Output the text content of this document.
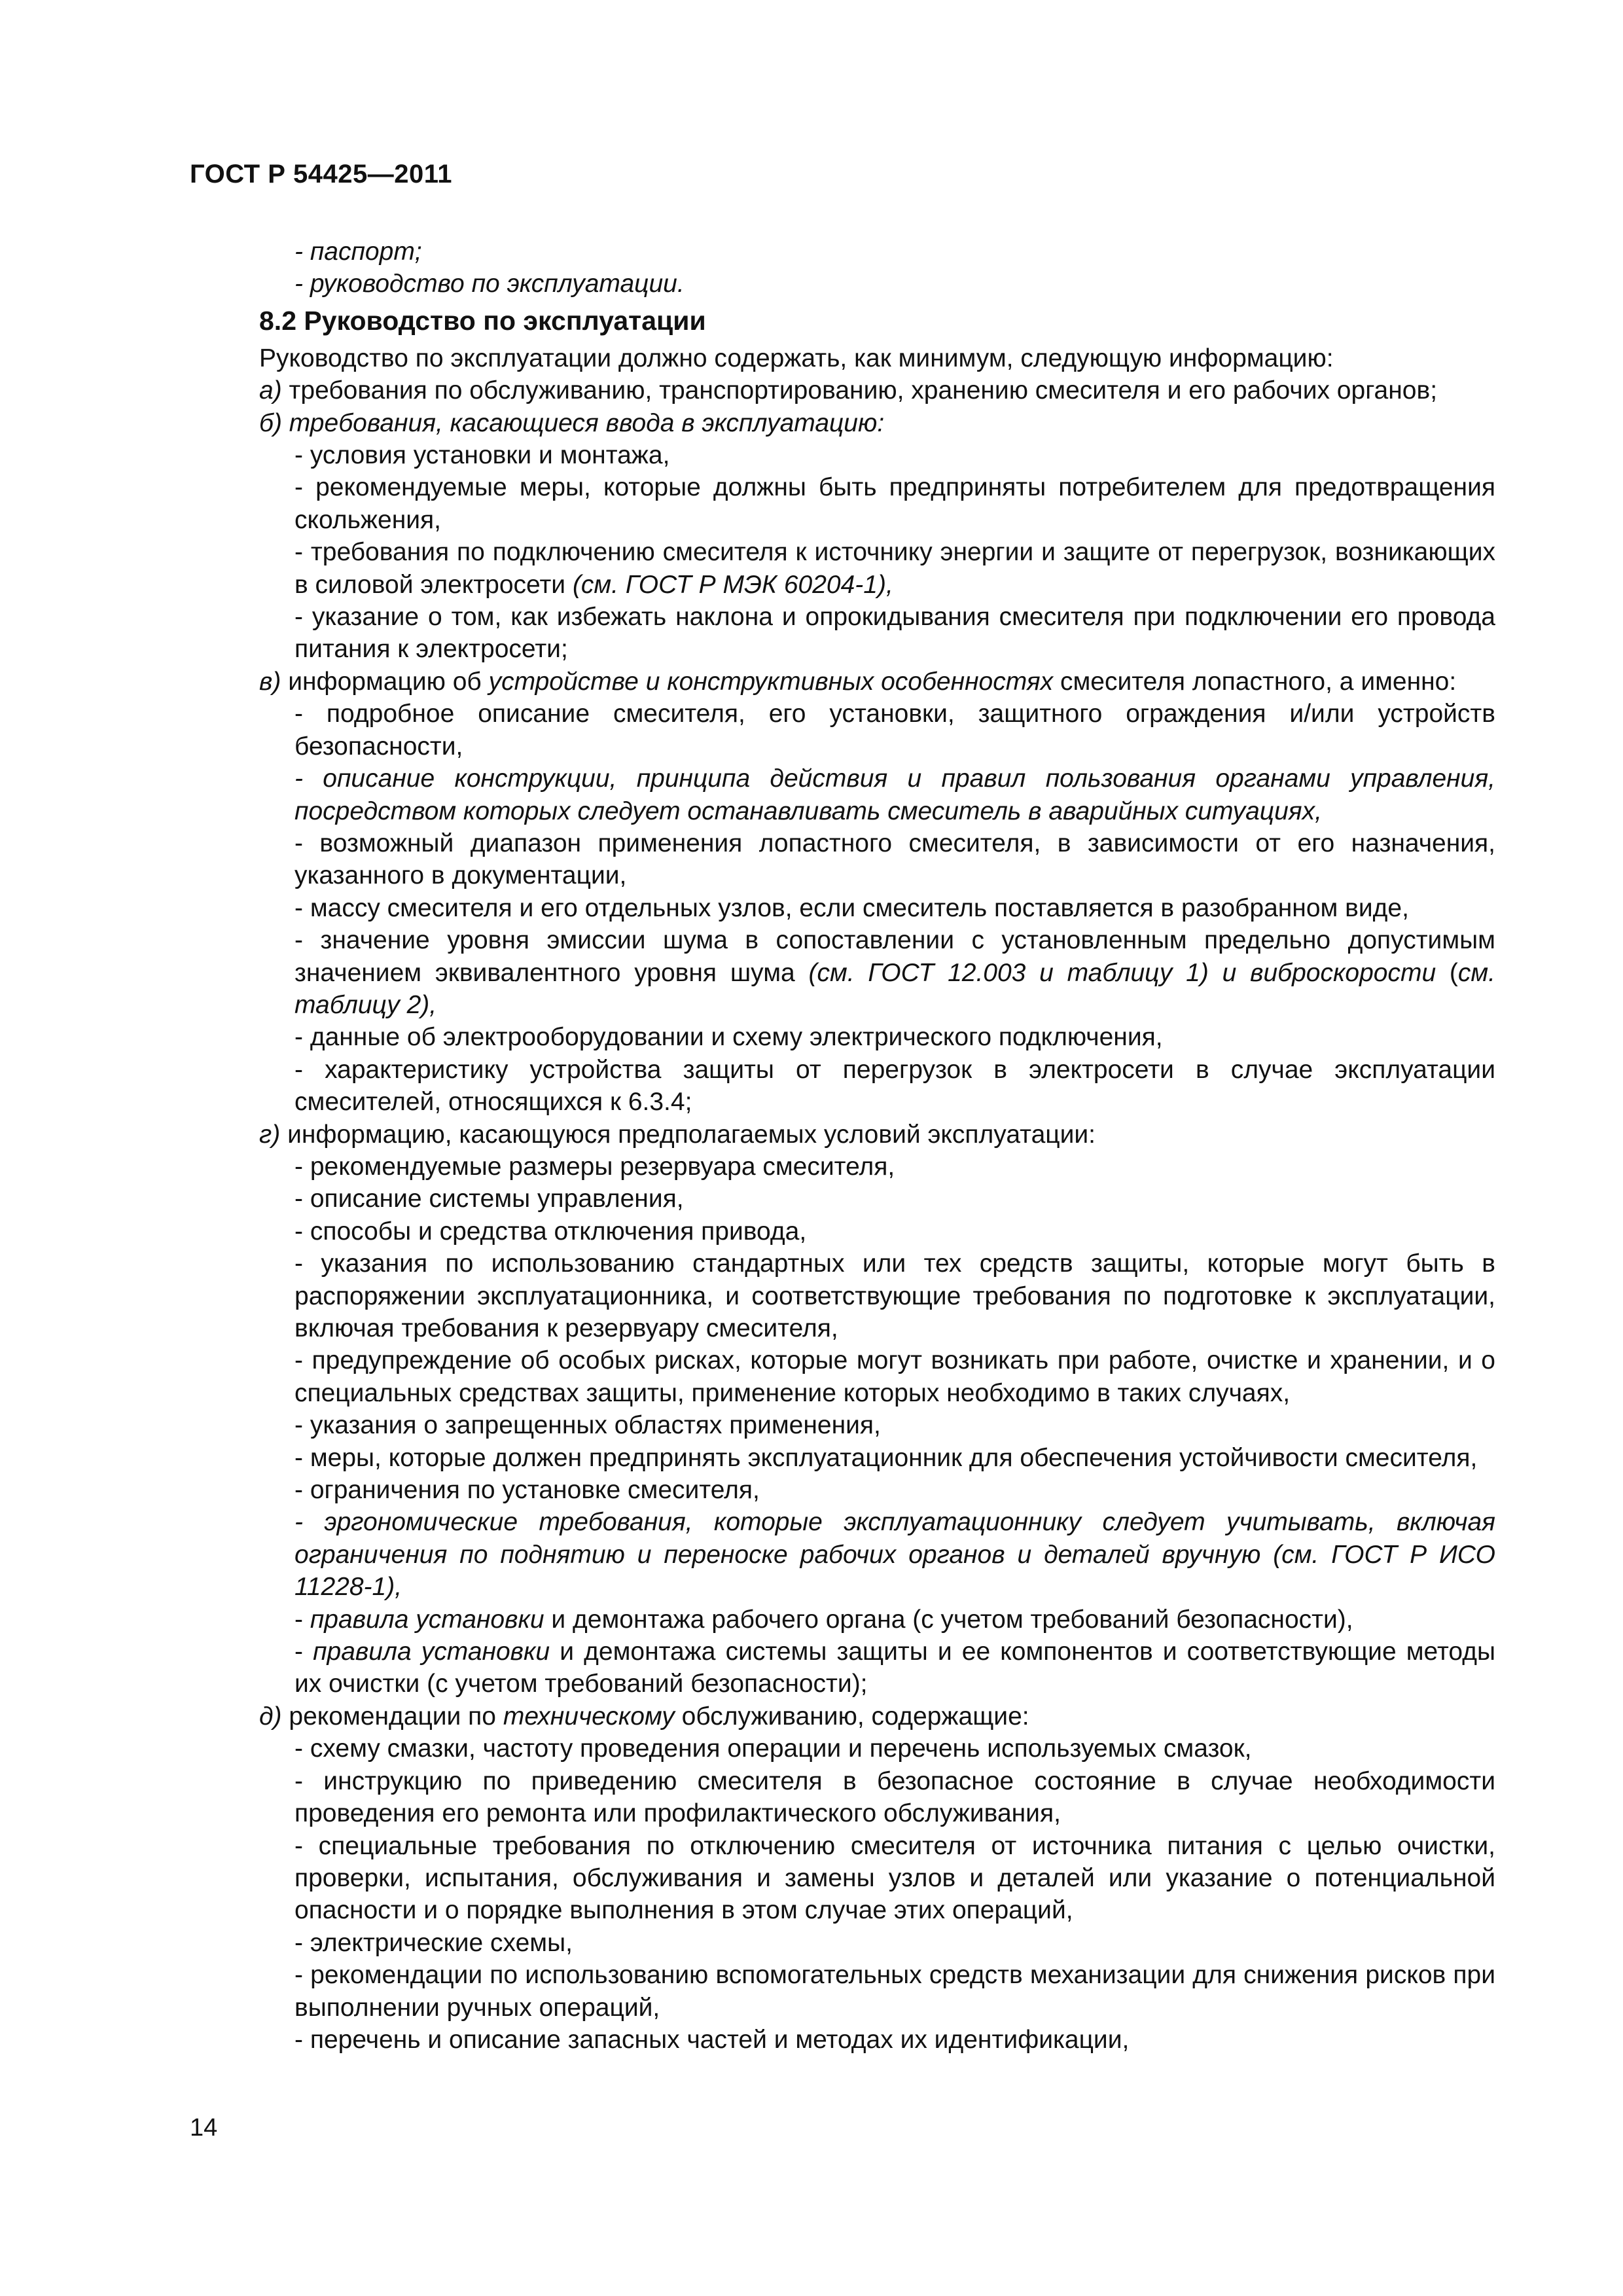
ГОСТ Р 54425—2011

- паспорт;

- руководство по эксплуатации.

8.2 Руководство по эксплуатации

Руководство по эксплуатации должно содержать, как минимум, следующую информацию:

а) требования по обслуживанию, транспортированию, хранению смесителя и его рабочих органов;

б) требования, касающиеся ввода в эксплуатацию:

- условия установки и монтажа,

- рекомендуемые меры, которые должны быть предприняты потребителем для предотвращения скольжения,

- требования по подключению смесителя к источнику энергии и защите от перегрузок, возникающих в силовой электросети (см. ГОСТ Р МЭК 60204-1),

- указание о том, как избежать наклона и опрокидывания смесителя при подключении его провода питания к электросети;

в) информацию об устройстве и конструктивных особенностях смесителя лопастного, а именно:

- подробное описание смесителя, его установки, защитного ограждения и/или устройств безопасности,

- описание конструкции, принципа действия и правил пользования органами управления, посредством которых следует останавливать смеситель в аварийных ситуациях,

- возможный диапазон применения лопастного смесителя, в зависимости от его назначения, указанного в документации,

- массу смесителя и его отдельных узлов, если смеситель поставляется в разобранном виде,

- значение уровня эмиссии шума в сопоставлении с установленным предельно допустимым значением эквивалентного уровня шума (см. ГОСТ 12.003 и таблицу 1) и виброскорости (см. таблицу 2),

- данные об электрооборудовании и схему электрического подключения,

- характеристику устройства защиты от перегрузок в электросети в случае эксплуатации смесителей, относящихся к 6.3.4;

г) информацию, касающуюся предполагаемых условий эксплуатации:

- рекомендуемые размеры резервуара смесителя,

- описание системы управления,

- способы и средства отключения привода,

- указания по использованию стандартных или тех средств защиты, которые могут быть в распоряжении эксплуатационника, и соответствующие требования по подготовке к эксплуатации, включая требования к резервуару смесителя,

- предупреждение об особых рисках, которые могут возникать при работе, очистке и хранении, и о специальных средствах защиты, применение которых необходимо в таких случаях,

- указания о запрещенных областях применения,

- меры, которые должен предпринять эксплуатационник для обеспечения устойчивости смесителя,

- ограничения по установке смесителя,

- эргономические требования, которые эксплуатационнику следует учитывать, включая ограничения по поднятию и переноске рабочих органов и деталей вручную (см. ГОСТ Р ИСО 11228-1),

- правила установки и демонтажа рабочего органа (с учетом требований безопасности),

- правила установки и демонтажа системы защиты и ее компонентов и соответствующие методы их очистки (с учетом требований безопасности);

д) рекомендации по техническому обслуживанию, содержащие:

- схему смазки, частоту проведения операции и перечень используемых смазок,

- инструкцию по приведению смесителя в безопасное состояние в случае необходимости проведения его ремонта или профилактического обслуживания,

- специальные требования по отключению смесителя от источника питания с целью очистки, проверки, испытания, обслуживания и замены узлов и деталей или указание о потенциальной опасности и о порядке выполнения в этом случае этих операций,

- электрические схемы,

- рекомендации по использованию вспомогательных средств механизации для снижения рисков при выполнении ручных операций,

- перечень и описание запасных частей и методах их идентификации,

14
